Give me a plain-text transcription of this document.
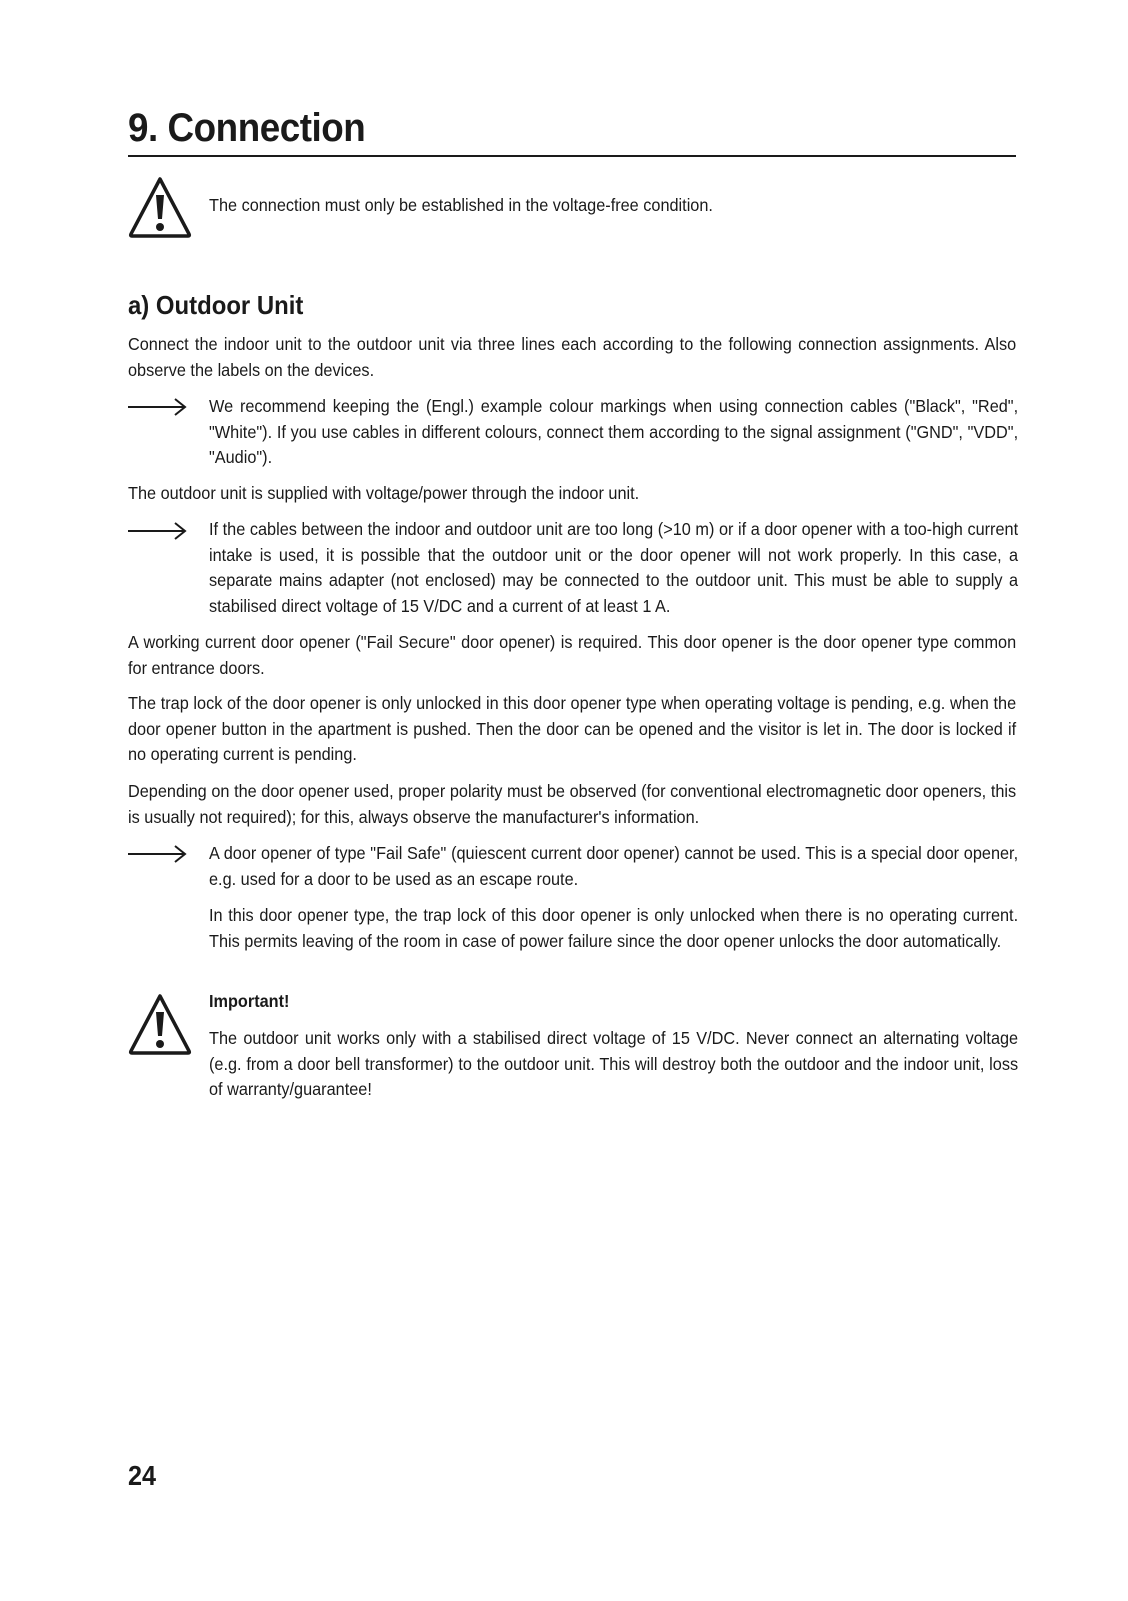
9. Connection

The connection must only be established in the voltage-free condition.

a) Outdoor Unit

Connect the indoor unit to the outdoor unit via three lines each according to the following connection assignments. Also observe the labels on the devices.

We recommend keeping the (Engl.) example colour markings when using connection cables ("Black", "Red", "White"). If you use cables in different colours, connect them according to the signal assignment ("GND", "VDD", "Audio").

The outdoor unit is supplied with voltage/power through the indoor unit.

If the cables between the indoor and outdoor unit are too long (>10 m) or if a door opener with a too-high current intake is used, it is possible that the outdoor unit or the door opener will not work properly. In this case, a separate mains adapter (not enclosed) may be connected to the outdoor unit. This must be able to supply a stabilised direct voltage of 15 V/DC and a current of at least 1 A.

A working current door opener ("Fail Secure" door opener) is required. This door opener is the door opener type common for entrance doors.

The trap lock of the door opener is only unlocked in this door opener type when operating voltage is pending, e.g. when the door opener button in the apartment is pushed. Then the door can be opened and the visitor is let in. The door is locked if no operating current is pending.

Depending on the door opener used, proper polarity must be observed (for conventional electromagnetic door openers, this is usually not required); for this, always observe the manufacturer's information.

A door opener of type "Fail Safe" (quiescent current door opener) cannot be used. This is a special door opener, e.g. used for a door to be used as an escape route.

In this door opener type, the trap lock of this door opener is only unlocked when there is no operating current. This permits leaving of the room in case of power failure since the door opener unlocks the door automatically.

Important!

The outdoor unit works only with a stabilised direct voltage of 15 V/DC. Never connect an alternating voltage (e.g. from a door bell transformer) to the outdoor unit. This will destroy both the outdoor and the indoor unit, loss of warranty/guarantee!

24
